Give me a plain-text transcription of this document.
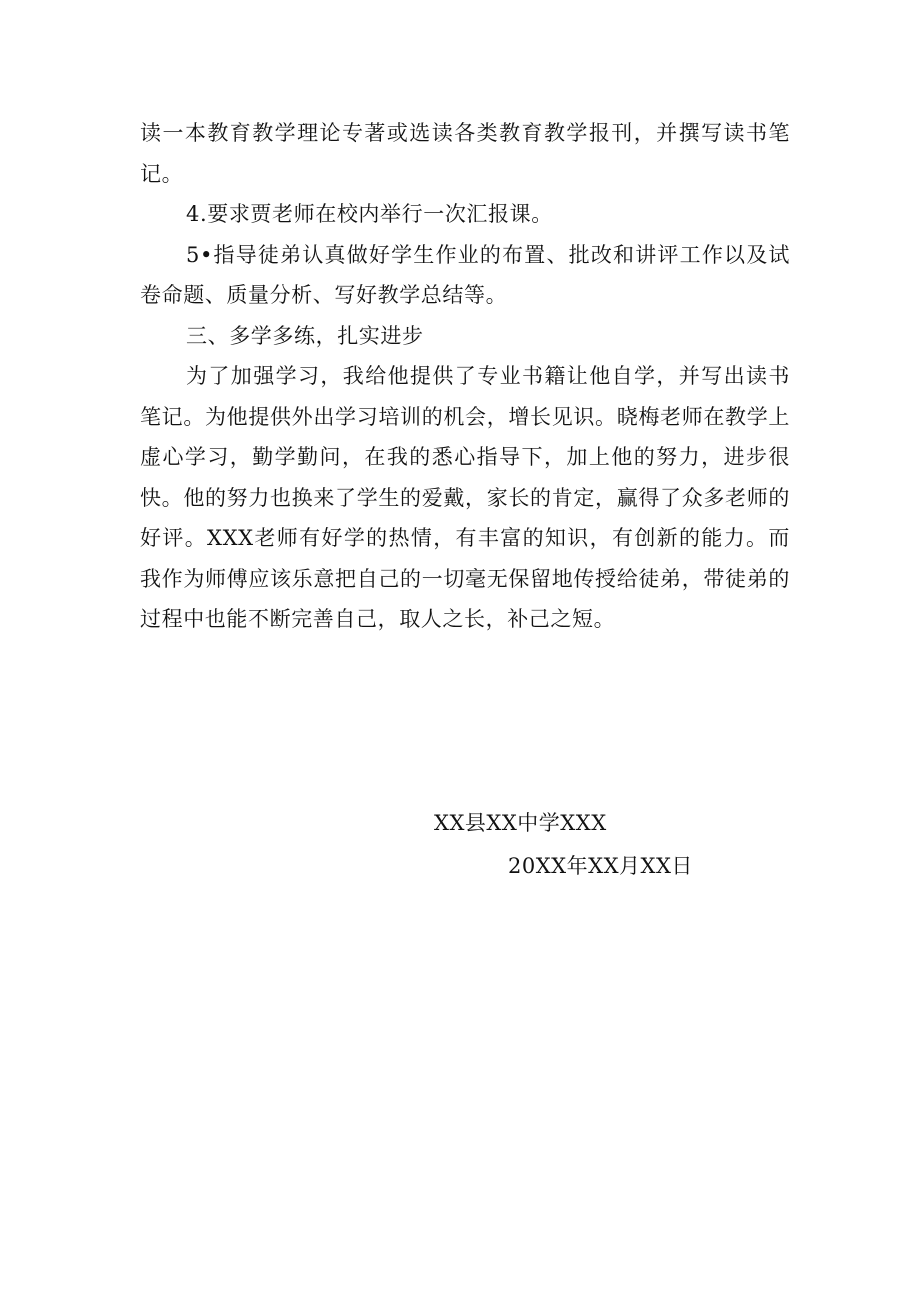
读一本教育教学理论专著或选读各类教育教学报刊，并撰写读书笔记。

4.要求贾老师在校内举行一次汇报课。

5•指导徒弟认真做好学生作业的布置、批改和讲评工作以及试卷命题、质量分析、写好教学总结等。

三、多学多练，扎实进步

为了加强学习，我给他提供了专业书籍让他自学，并写出读书笔记。为他提供外出学习培训的机会，增长见识。晓梅老师在教学上虚心学习，勤学勤问，在我的悉心指导下，加上他的努力，进步很快。他的努力也换来了学生的爱戴，家长的肯定，赢得了众多老师的好评。XXX老师有好学的热情，有丰富的知识，有创新的能力。而我作为师傅应该乐意把自己的一切毫无保留地传授给徒弟，带徒弟的过程中也能不断完善自己，取人之长，补己之短。

XX县XX中学XXX
20XX年XX月XX日
